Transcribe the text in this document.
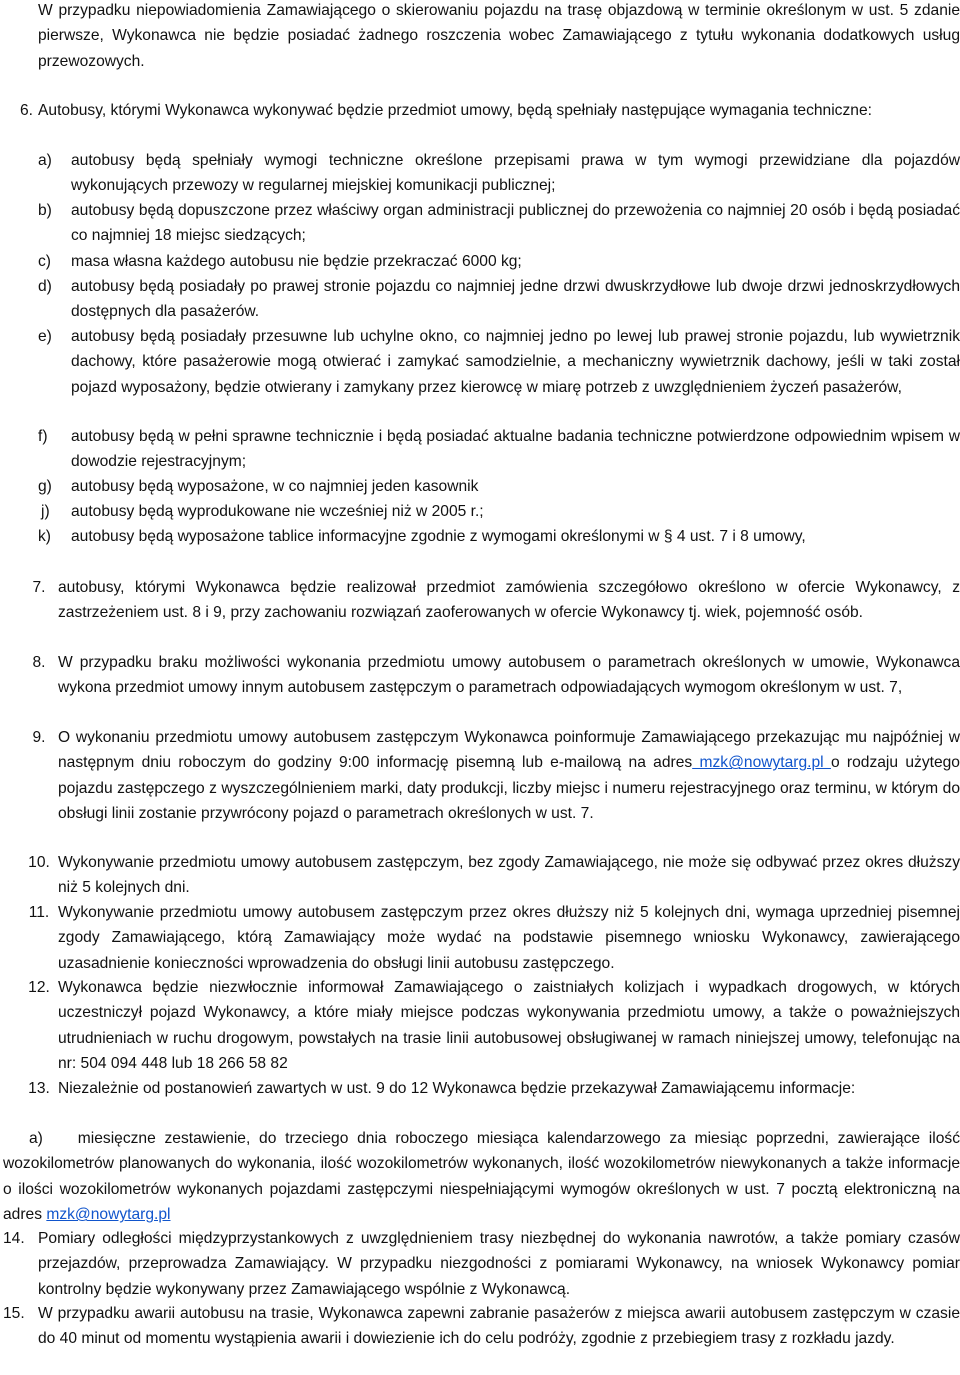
W przypadku niepowiadomienia Zamawiającego o skierowaniu pojazdu na trasę objazdową w terminie określonym w ust. 5 zdanie pierwsze, Wykonawca nie będzie posiadać żadnego roszczenia wobec Zamawiającego z tytułu wykonania dodatkowych usług przewozowych.

6. Autobusy, którymi Wykonawca wykonywać będzie przedmiot umowy, będą spełniały następujące wymagania techniczne:
a)	autobusy będą spełniały wymogi techniczne określone przepisami prawa w tym wymogi przewidziane dla pojazdów wykonujących przewozy w regularnej miejskiej komunikacji publicznej;
b)	autobusy będą dopuszczone przez właściwy organ administracji publicznej do przewożenia co najmniej 20 osób i będą posiadać co najmniej 18 miejsc siedzących;
c)	masa własna każdego autobusu nie będzie przekraczać 6000 kg;
d)	autobusy będą posiadały po prawej stronie pojazdu co najmniej jedne drzwi dwuskrzydłowe lub dwoje drzwi jednoskrzydłowych dostępnych dla pasażerów.
e)	autobusy będą posiadały przesuwne lub uchylne okno, co najmniej jedno po lewej lub prawej stronie pojazdu, lub wywietrznik dachowy, które pasażerowie mogą otwierać i zamykać samodzielnie, a mechaniczny wywietrznik dachowy, jeśli w taki został pojazd wyposażony, będzie otwierany i zamykany przez kierowcę w miarę potrzeb z uwzględnieniem życzeń pasażerów,
f)	autobusy będą w pełni sprawne technicznie i będą posiadać aktualne badania techniczne potwierdzone odpowiednim wpisem w dowodzie rejestracyjnym;
g)	autobusy będą wyposażone, w co najmniej jeden kasownik
j)	autobusy będą wyprodukowane nie wcześniej niż w 2005 r.;
k)	autobusy będą wyposażone tablice informacyjne zgodnie z wymogami określonymi w § 4 ust. 7 i 8 umowy,
7. autobusy, którymi Wykonawca będzie realizował przedmiot zamówienia szczegółowo określono w ofercie Wykonawcy, z zastrzeżeniem ust. 8 i 9, przy zachowaniu rozwiązań zaoferowanych w ofercie Wykonawcy tj. wiek, pojemność osób.
8. W przypadku braku możliwości wykonania przedmiotu umowy autobusem o parametrach określonych w umowie, Wykonawca wykona przedmiot umowy innym autobusem zastępczym o parametrach odpowiadających wymogom określonym w ust. 7,
9. O wykonaniu przedmiotu umowy autobusem zastępczym Wykonawca poinformuje Zamawiającego przekazując mu najpóźniej w następnym dniu roboczym do godziny 9:00 informację pisemną lub e-mailową na adres mzk@nowytarg.pl o rodzaju użytego pojazdu zastępczego z wyszczególnieniem marki, daty produkcji, liczby miejsc i numeru rejestracyjnego oraz terminu, w którym do obsługi linii zostanie przywrócony pojazd o parametrach określonych w ust. 7.
10. Wykonywanie przedmiotu umowy autobusem zastępczym, bez zgody Zamawiającego, nie może się odbywać przez okres dłuższy niż 5 kolejnych dni.
11. Wykonywanie przedmiotu umowy autobusem zastępczym przez okres dłuższy niż 5 kolejnych dni, wymaga uprzedniej pisemnej zgody Zamawiającego, którą Zamawiający może wydać na podstawie pisemnego wniosku Wykonawcy, zawierającego uzasadnienie konieczności wprowadzenia do obsługi linii autobusu zastępczego.
12. Wykonawca będzie niezwłocznie informował Zamawiającego o zaistniałych kolizjach i wypadkach drogowych, w których uczestniczył pojazd Wykonawcy, a które miały miejsce podczas wykonywania przedmiotu umowy, a także o poważniejszych utrudnieniach w ruchu drogowym, powstałych na trasie linii autobusowej obsługiwanej w ramach niniejszej umowy, telefonując na nr: 504 094 448 lub 18 266 58 82
13. Niezależnie od postanowień zawartych w ust. 9 do 12 Wykonawca będzie przekazywał Zamawiającemu informacje:

a) miesięczne zestawienie, do trzeciego dnia roboczego miesiąca kalendarzowego za miesiąc poprzedni, zawierające ilość wozokilometrów planowanych do wykonania, ilość wozokilometrów wykonanych, ilość wozokilometrów niewykonanych a także informacje o ilości wozokilometrów wykonanych pojazdami zastępczymi niespełniającymi wymogów określonych w ust. 7 pocztą elektroniczną na adres mzk@nowytarg.pl

14. Pomiary odległości międzyprzystankowych z uwzględnieniem trasy niezbędnej do wykonania nawrotów, a także pomiary czasów przejazdów, przeprowadza Zamawiający. W przypadku niezgodności z pomiarami Wykonawcy, na wniosek Wykonawcy pomiar kontrolny będzie wykonywany przez Zamawiającego wspólnie z Wykonawcą.
15. W przypadku awarii autobusu na trasie, Wykonawca zapewni zabranie pasażerów z miejsca awarii autobusem zastępczym w czasie do 40 minut od momentu wystąpienia awarii i dowiezienie ich do celu podróży, zgodnie z przebiegiem trasy z rozkładu jazdy.
